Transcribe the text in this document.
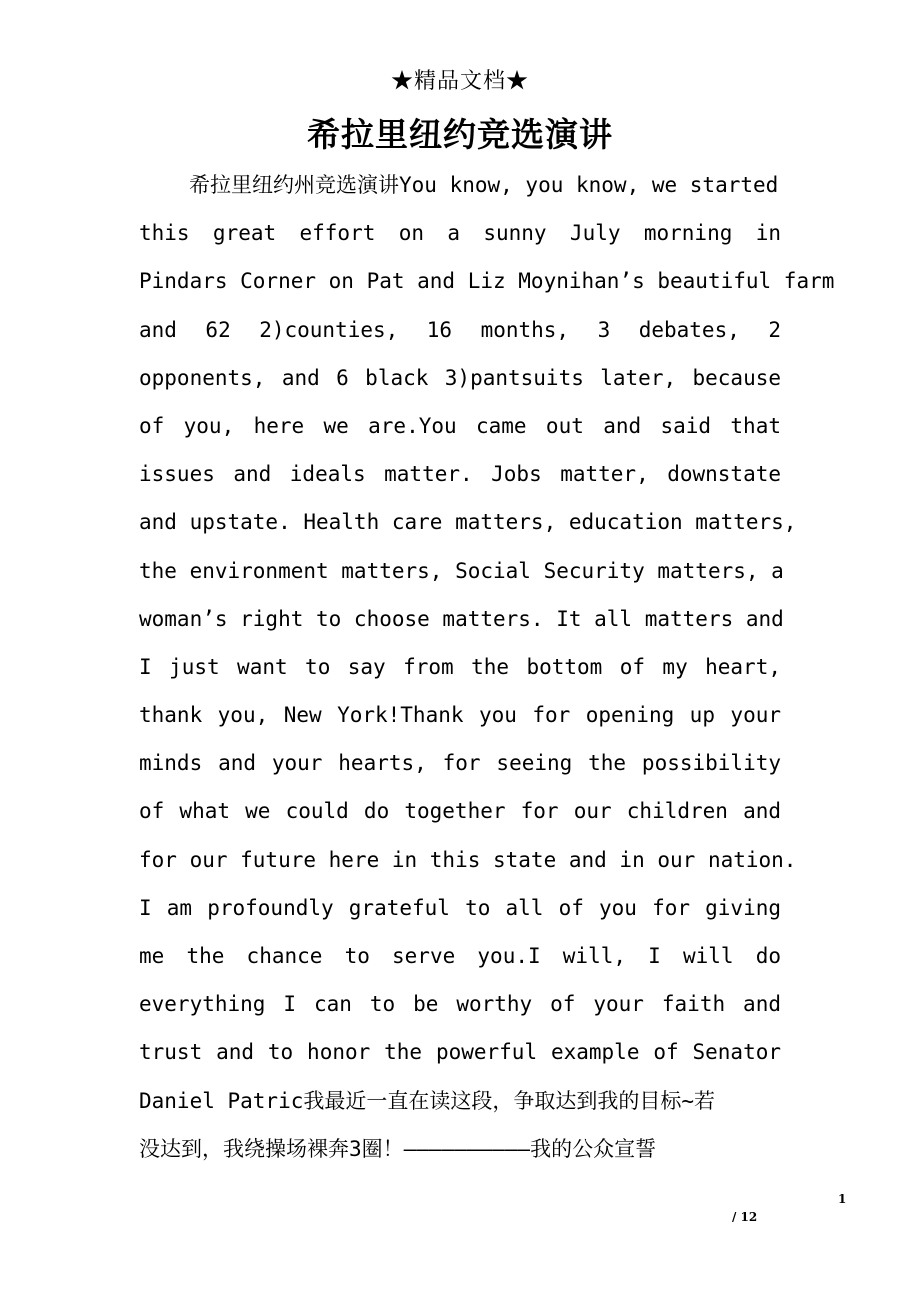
★精品文档★
希拉里纽约竞选演讲
希拉里纽约州竞选演讲You know, you know, we started
this great effort on a sunny July morning in
Pindars Corner on Pat and Liz Moynihan’s beautiful farm
and 62 2)counties, 16 months, 3 debates, 2
opponents, and 6 black 3)pantsuits later, because
of you, here we are.You came out and said that
issues and ideals matter. Jobs matter, downstate
and upstate. Health care matters, education matters,
the environment matters, Social Security matters, a
woman’s right to choose matters. It all matters and
I just want to say from the bottom of my heart,
thank you, New York!Thank you for opening up your
minds and your hearts, for seeing the possibility
of what we could do together for our children and
for our future here in this state and in our nation.
I am profoundly grateful to all of you for giving
me the chance to serve you.I will, I will do
everything I can to be worthy of your faith and
trust and to honor the powerful example of Senator
Daniel Patric我最近一直在读这段，争取达到我的目标~若
没达到，我绕操场裸奔3圈！——————————我的公众宣誓
1
/ 12
